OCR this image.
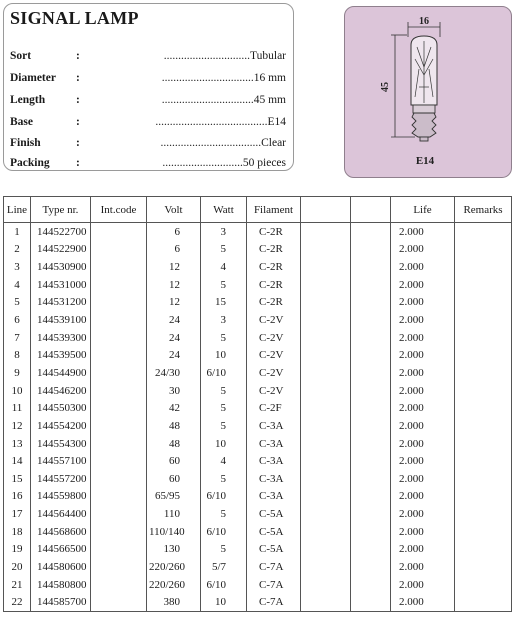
SIGNAL LAMP
Sort	:	..............................Tubular
Diameter :	................................16 mm
Length	:	................................45 mm
Base	:	.......................................E14
Finish	:	...................................Clear
Packing :	............................50 pieces
16
45
E14
Line	Type nr.	Int.code	Volt	Watt	Filament			Life	Remarks
1	144522700		6	3	C-2R			2.000	
2	144522900		6	5	C-2R			2.000	
3	144530900		12	4	C-2R			2.000	
4	144531000		12	5	C-2R			2.000	
5	144531200		12	15	C-2R			2.000	
6	144539100		24	3	C-2V			2.000	
7	144539300		24	5	C-2V			2.000	
8	144539500		24	10	C-2V			2.000	
9	144544900		24/30	6/10	C-2V			2.000	
10	144546200		30	5	C-2V			2.000	
11	144550300		42	5	C-2F			2.000	
12	144554200		48	5	C-3A			2.000	
13	144554300		48	10	C-3A			2.000	
14	144557100		60	4	C-3A			2.000	
15	144557200		60	5	C-3A			2.000	
16	144559800		65/95	6/10	C-3A			2.000	
17	144564400		110	5	C-5A			2.000	
18	144568600		110/140	6/10	C-5A			2.000	
19	144566500		130	5	C-5A			2.000	
20	144580600		220/260	5/7	C-7A			2.000	
21	144580800		220/260	6/10	C-7A			2.000	
22	144585700		380	10	C-7A			2.000	
